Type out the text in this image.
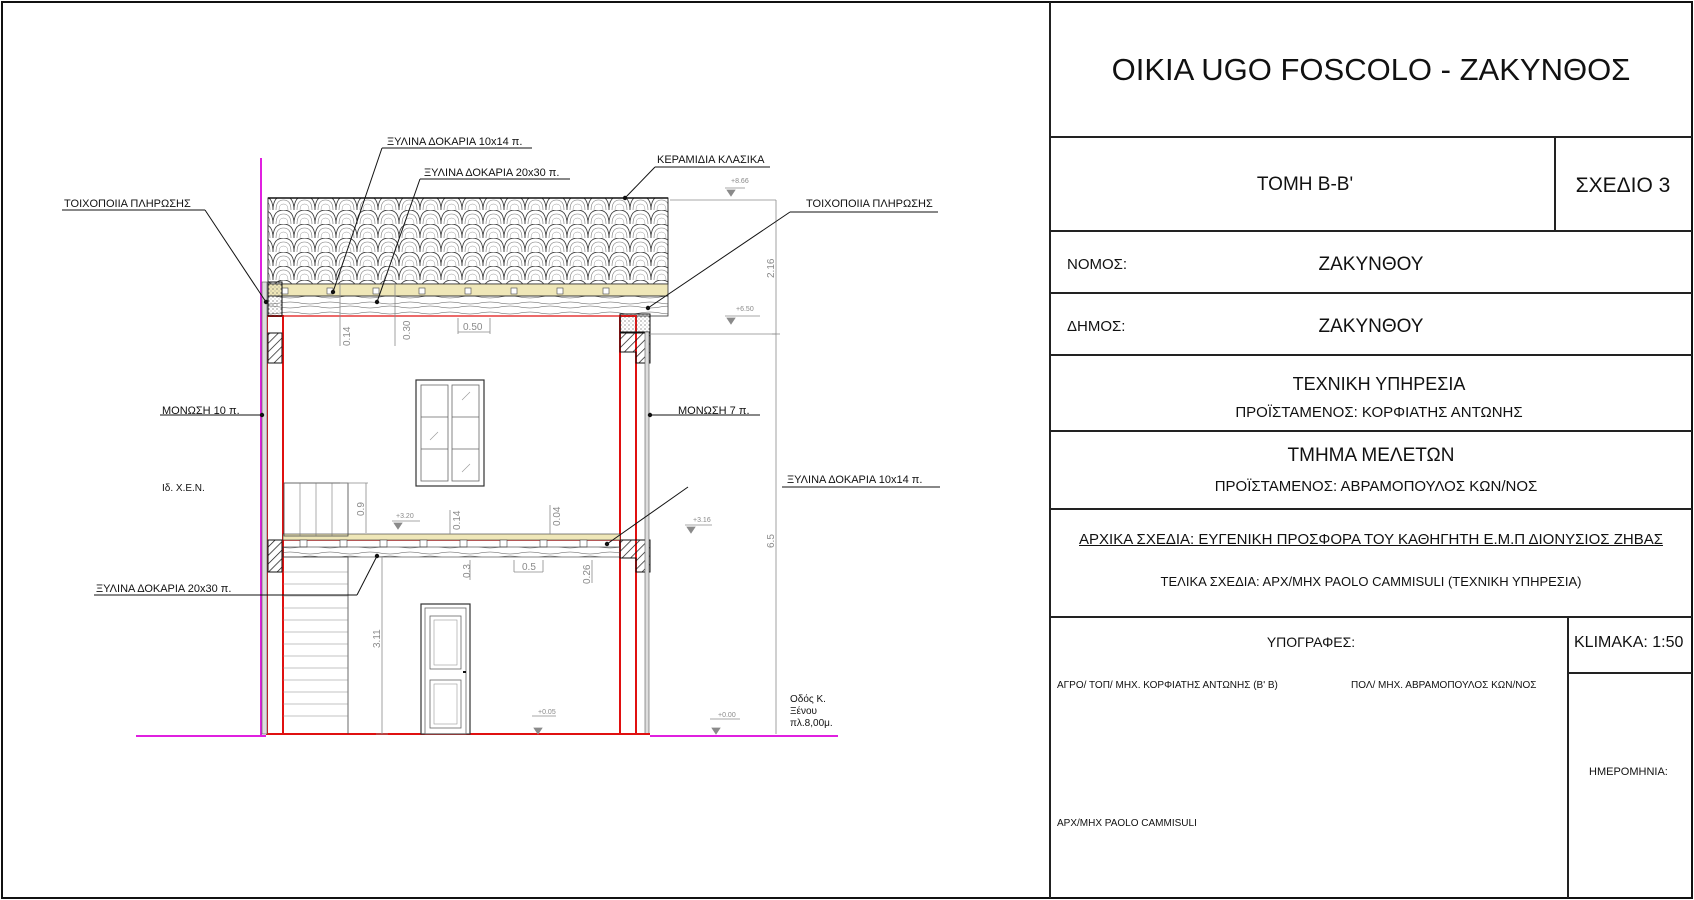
ΞΥΛΙΝΑ ΔΟΚΑΡΙΑ 10x14 π.
ΞΥΛΙΝΑ ΔΟΚΑΡΙΑ 20x30 π.
ΚΕΡΑΜΙΔΙΑ ΚΛΑΣΙΚΑ
ΤΟΙΧΟΠΟΙΙΑ ΠΛΗΡΩΣΗΣ	ΤΟΙΧΟΠΟΙΙΑ ΠΛΗΡΩΣΗΣ
ΜΟΝΩΣΗ 10 π.	ΜΟΝΩΣΗ 7 π.
Ιδ. Χ.Ε.Ν.
ΞΥΛΙΝΑ ΔΟΚΑΡΙΑ 10x14 π.
ΞΥΛΙΝΑ ΔΟΚΑΡΙΑ 20x30 π.
Οδός Κ.
Ξένου
πλ.8,00μ.
0.14	0.30	0.50
2.16
6.5
0.9
0.14	0.04
0.3	0.5	0.26
3.11
+8.66
+6.50
+3.20
+3.16
+0.05	+0.00
OIKIA UGO FOSCOLO - ΖΑΚΥΝΘΟΣ
ΤΟΜΗ Β-Β'	ΣΧΕΔΙΟ 3
ΝΟΜΟΣ:	ΖΑΚΥΝΘΟΥ
ΔΗΜΟΣ:	ΖΑΚΥΝΘΟΥ
ΤΕΧΝΙΚΗ ΥΠΗΡΕΣΙΑ
ΠΡΟΪΣΤΑΜΕΝΟΣ: ΚΟΡΦΙΑΤΗΣ ΑΝΤΩΝΗΣ
ΤΜΗΜΑ ΜΕΛΕΤΩΝ
ΠΡΟΪΣΤΑΜΕΝΟΣ: ΑΒΡΑΜΟΠΟΥΛΟΣ ΚΩΝ/ΝΟΣ
ΑΡΧΙΚΑ ΣΧΕΔΙΑ: ΕΥΓΕΝΙΚΗ ΠΡΟΣΦΟΡΑ ΤΟΥ ΚΑΘΗΓΗΤΗ Ε.Μ.Π ΔΙΟΝΥΣΙΟΣ ΖΗΒΑΣ
ΤΕΛΙΚΑ ΣΧΕΔΙΑ: ΑΡΧ/ΜΗΧ PAOLO CAMMISULI (ΤΕΧΝΙΚΗ ΥΠΗΡΕΣΙΑ)
ΥΠΟΓΡΑΦΕΣ:	KLIMAKA: 1:50
ΑΓΡΟ/ ΤΟΠ/ ΜΗΧ. ΚΟΡΦΙΑΤΗΣ ΑΝΤΩΝΗΣ (Β' Β)	ΠΟΛ/ ΜΗΧ. ΑΒΡΑΜΟΠΟΥΛΟΣ ΚΩΝ/ΝΟΣ
ΑΡΧ/ΜΗΧ PAOLO CAMMISULI
ΗΜΕΡΟΜΗΝΙΑ:
